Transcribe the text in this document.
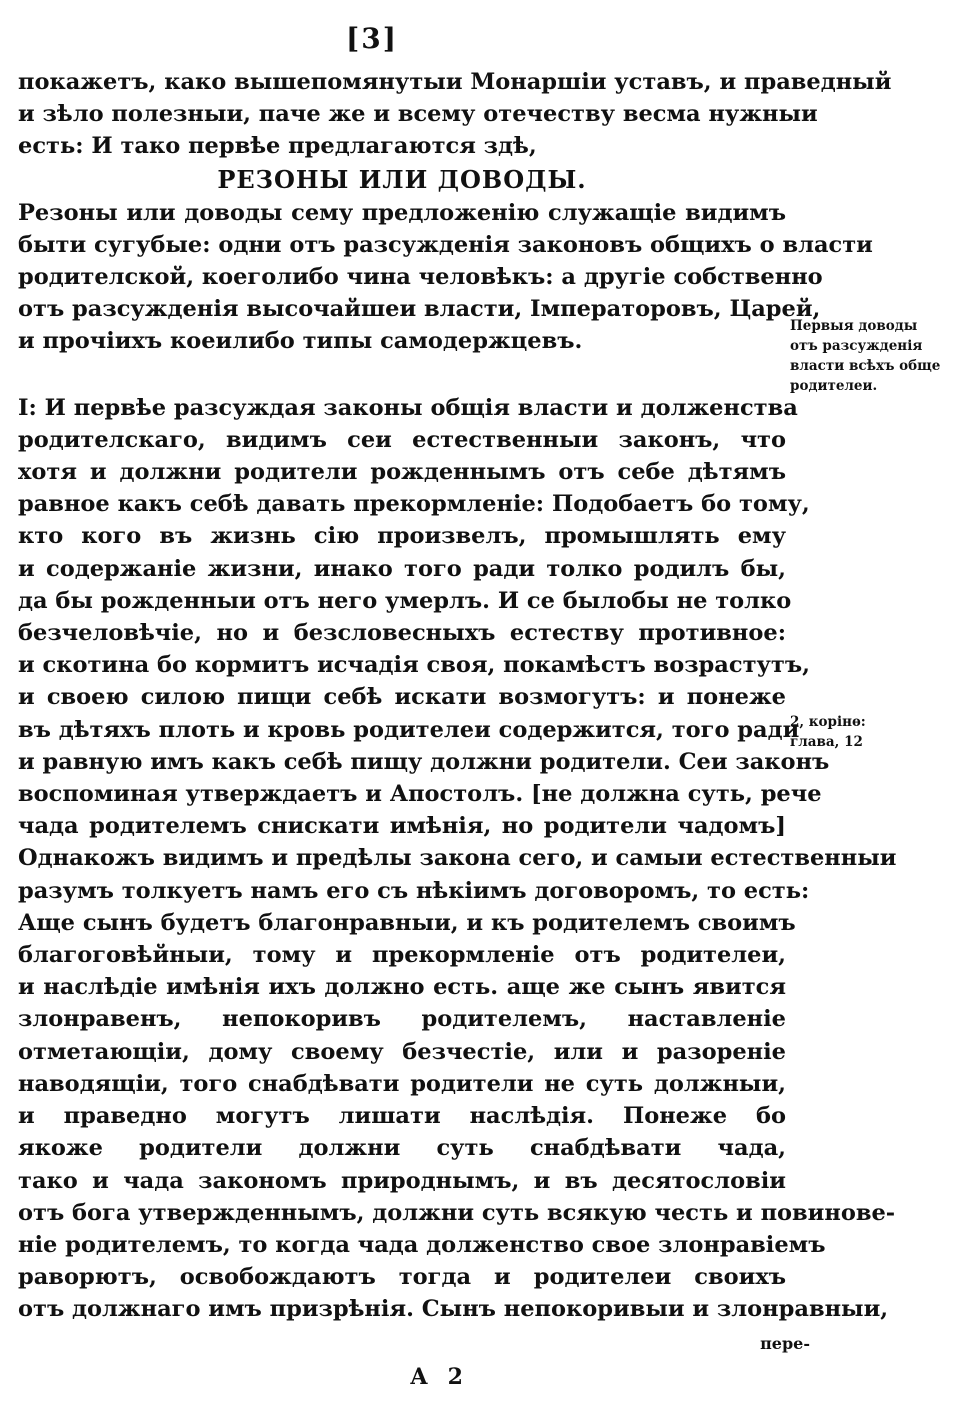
[3]
покажетъ, како вышепомянутыи Монаршiи уставъ, и праведный
и зѣло полезныи, паче же и всему отечеству весма нужныи
есть: И тако первѣе предлагаются здѣ,
РЕЗОНЫ ИЛИ ДОВОДЫ.
Резоны или доводы сему предложенiю служащiе видимъ
быти сугубые: одни отъ разсужденiя законовъ общихъ о власти
родителской, коеголибо чина человѣкъ: а другiе собственно
отъ разсужденiя высочайшеи власти, Iмператоровъ, Царей,
и прочiихъ коеилибо типы самодержцевъ.
I: И первѣе разсуждая законы общiя власти и долженства
родителскаго, видимъ сеи естественныи законъ, что
хотя и должни родители рожденнымъ отъ себе дѣтямъ
равное какъ себѣ давать прекормленiе: Подобаетъ бо тому,
кто кого въ жизнь сiю произвелъ, промышлять ему
и содержанiе жизни, инако того ради толко родилъ бы,
да бы рожденныи отъ него умерлъ. И се былобы не толко
безчеловѣчiе, но и безсловесныхъ естеству противное:
и скотина бо кормитъ исчадiя своя, покамѣстъ возрастутъ,
и своею силою пищи себѣ искати возмогутъ: и понеже
въ дѣтяхъ плоть и кровь родителеи содержится, того ради
и равную имъ какъ себѣ пищу должни родители. Сеи законъ
воспоминая утверждаетъ и Апостолъ. [не должна суть, рече
чада родителемъ снискати имѣнiя, но родители чадомъ]
Однакожъ видимъ и предѣлы закона сего, и самыи естественныи
разумъ толкуетъ намъ его съ нѣкiимъ договоромъ, то есть:
Аще сынъ будетъ благонравныи, и къ родителемъ своимъ
благоговѣйныи, тому и прекормленiе отъ родителеи,
и наслѣдiе имѣнiя ихъ должно есть. аще же сынъ явится
злонравенъ, непокоривъ родителемъ, наставленiе
отметающiи, дому своему безчестiе, или и разоренiе
наводящiи, того снабдѣвати родители не суть должныи,
и праведно могутъ лишати наслѣдiя. Понеже бо
якоже родители должни суть снабдѣвати чада,
тако и чада закономъ природнымъ, и въ десятословiи
отъ бога утвержденнымъ, должни суть всякую честь и повинове-
нiе родителемъ, то когда чада долженство свое злонравiемъ
раворютъ, освобождаютъ тогда и родителеи своихъ
отъ должнаго имъ призрѣнiя. Сынъ непокоривыи и злонравныи,
Первыя доводы
отъ разсужденiя
власти всѣхъ обще
родителеи.
2, корiнѳ:
глава, 12
пере-
А 2
